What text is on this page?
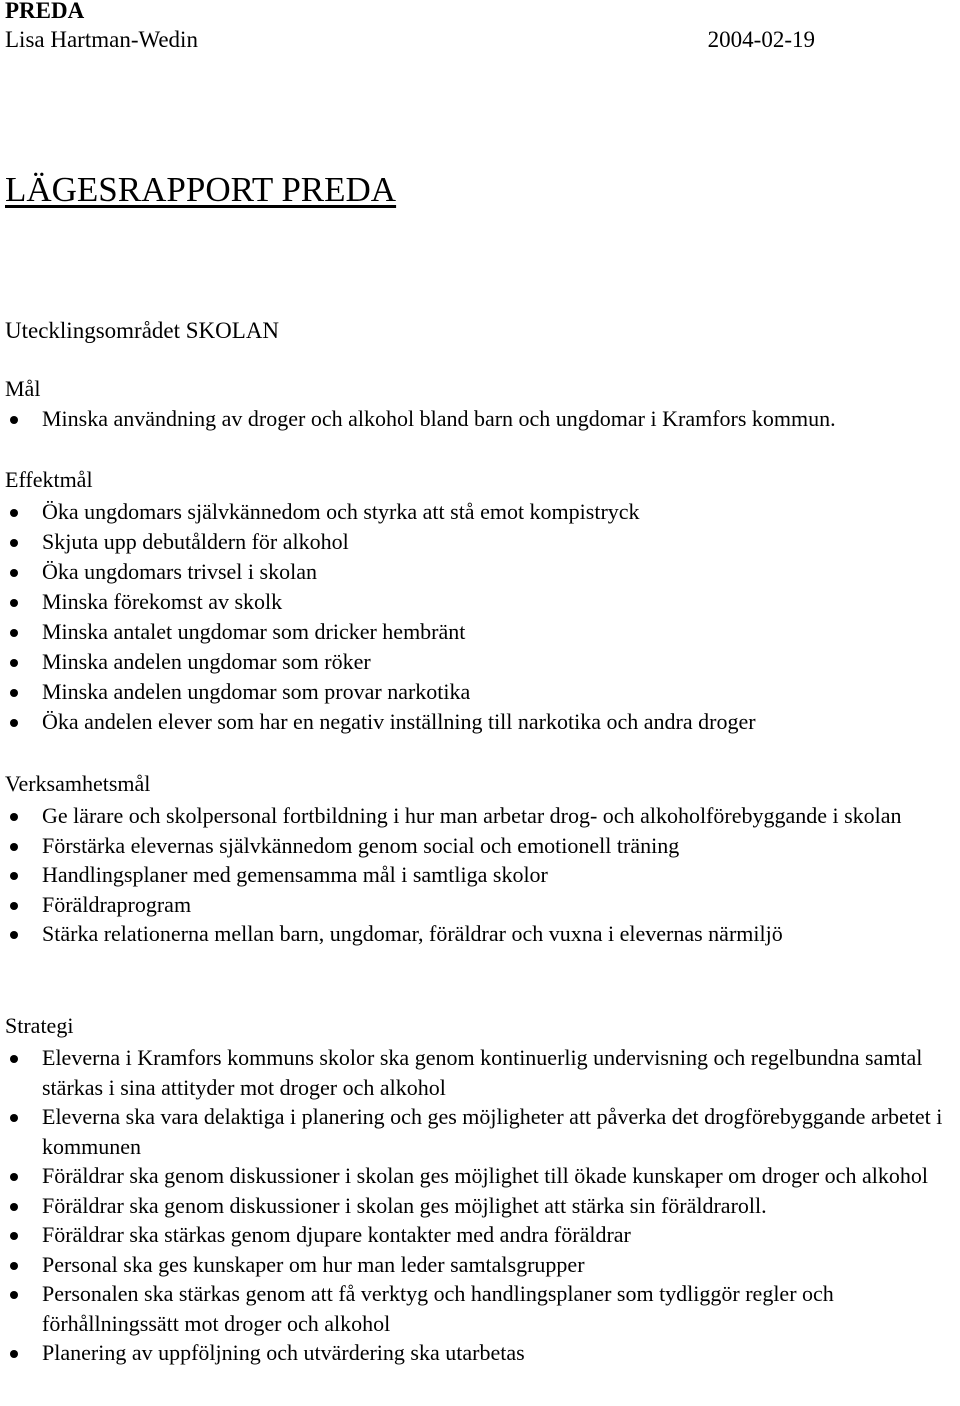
PREDA
Lisa Hartman-Wedin	2004-02-19
LÄGESRAPPORT PREDA
Utecklingsområdet SKOLAN
Mål
Minska användning av droger och alkohol bland barn och ungdomar i Kramfors kommun.
Effektmål
Öka ungdomars självkännedom och styrka att stå emot kompistryck
Skjuta upp debutåldern för alkohol
Öka ungdomars trivsel i skolan
Minska förekomst av skolk
Minska antalet ungdomar som dricker hembränt
Minska andelen ungdomar som röker
Minska andelen ungdomar som provar narkotika
Öka andelen elever som har en negativ inställning till narkotika och andra droger
Verksamhetsmål
Ge lärare och skolpersonal fortbildning i hur man arbetar drog- och alkoholförebyggande i skolan
Förstärka elevernas självkännedom genom social och emotionell träning
Handlingsplaner med gemensamma mål i samtliga skolor
Föräldraprogram
Stärka relationerna mellan barn, ungdomar, föräldrar och vuxna i elevernas närmiljö
Strategi
Eleverna i Kramfors kommuns skolor ska genom kontinuerlig undervisning och regelbundna samtal stärkas i sina attityder mot droger och alkohol
Eleverna ska vara delaktiga i planering och ges möjligheter att påverka det drogförebyggande arbetet i kommunen
Föräldrar ska genom diskussioner i skolan ges möjlighet till ökade kunskaper om droger och alkohol
Föräldrar ska genom diskussioner i skolan ges möjlighet att stärka sin föräldraroll.
Föräldrar ska stärkas genom djupare kontakter med andra föräldrar
Personal ska ges kunskaper om hur man leder samtalsgrupper
Personalen ska stärkas genom att få verktyg och handlingsplaner som tydliggör regler och förhållningssätt mot droger och alkohol
Planering av uppföljning och utvärdering ska utarbetas
